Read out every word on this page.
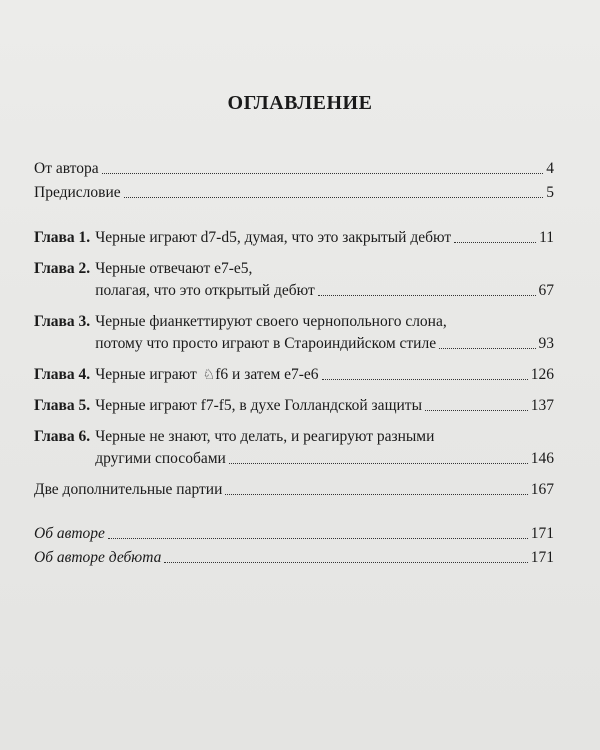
ОГЛАВЛЕНИЕ
От автора	4
Предисловие	5
Глава 1. Черные играют d7-d5, думая, что это закрытый дебют	11
Глава 2. Черные отвечают е7-е5,
полагая, что это открытый дебют	67
Глава 3. Черные фианкеттируют своего чернопольного слона,
потому что просто играют в Староиндийском стиле	93
Глава 4. Черные играют ♘f6 и затем е7-е6	126
Глава 5. Черные играют f7-f5, в духе Голландской защиты	137
Глава 6. Черные не знают, что делать, и реагируют разными
другими способами	146
Две дополнительные партии	167
Об авторе	171
Об авторе дебюта	171
